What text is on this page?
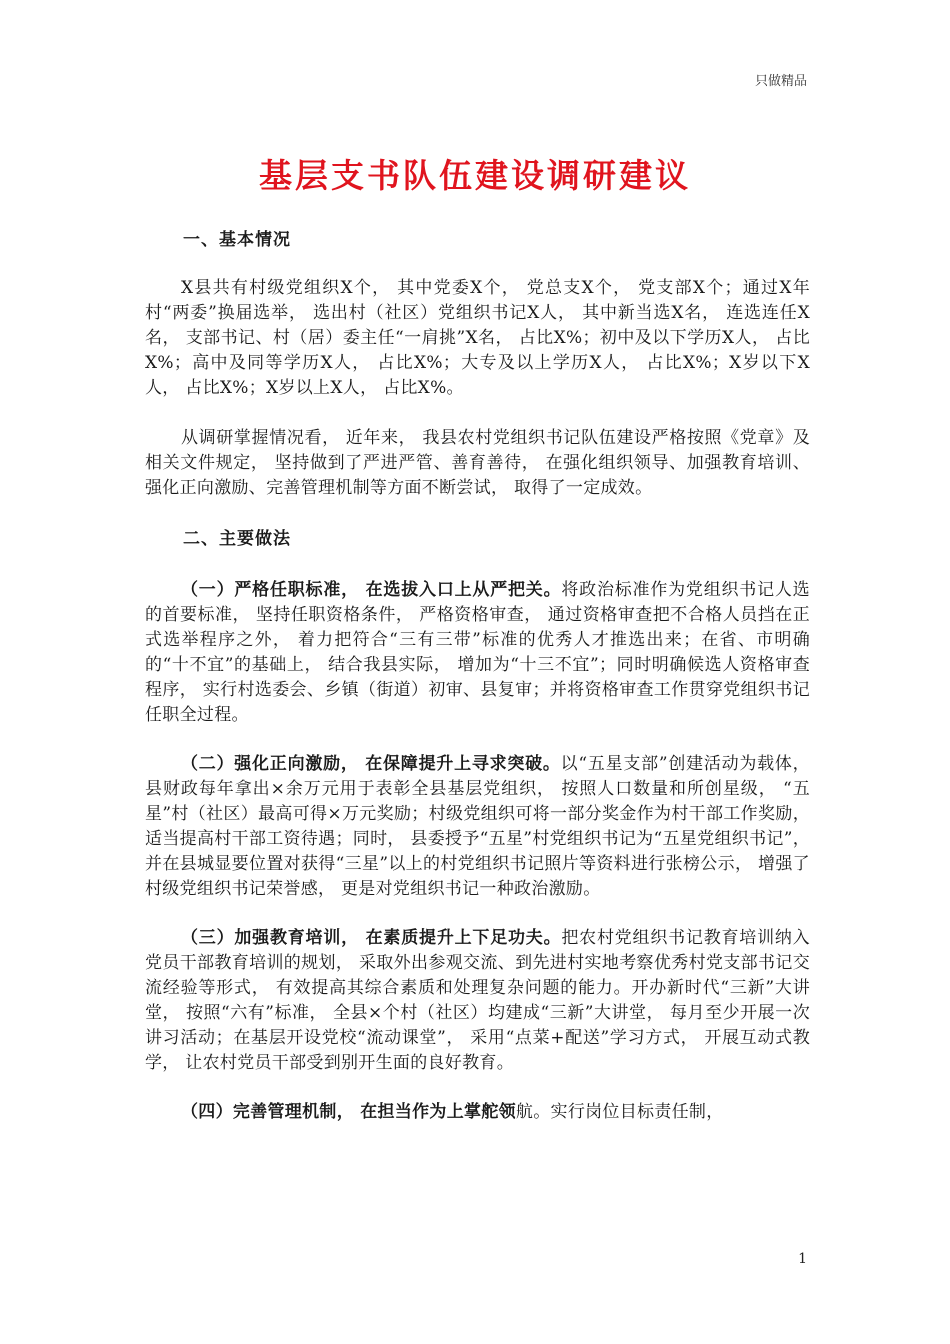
只做精品
基层支书队伍建设调研建议

一、基本情况

X县共有村级党组织X个， 其中党委X个， 党总支X个， 党支部X个；通过X年村“两委”换届选举， 选出村（社区）党组织书记X人， 其中新当选X名， 连选连任X名， 支部书记、村（居）委主任“一肩挑”X名， 占比X%；初中及以下学历X人， 占比X%；高中及同等学历X人， 占比X%；大专及以上学历X人， 占比X%；X岁以下X人， 占比X%；X岁以上X人， 占比X%。

从调研掌握情况看， 近年来， 我县农村党组织书记队伍建设严格按照《党章》及相关文件规定， 坚持做到了严进严管、善育善待， 在强化组织领导、加强教育培训、强化正向激励、完善管理机制等方面不断尝试， 取得了一定成效。

二、主要做法

（一）严格任职标准， 在选拔入口上从严把关。将政治标准作为党组织书记人选的首要标准， 坚持任职资格条件， 严格资格审查， 通过资格审查把不合格人员挡在正式选举程序之外， 着力把符合“三有三带”标准的优秀人才推选出来；在省、市明确的“十不宜”的基础上， 结合我县实际， 增加为“十三不宜”；同时明确候选人资格审查程序， 实行村选委会、乡镇（街道）初审、县复审；并将资格审查工作贯穿党组织书记任职全过程。

（二）强化正向激励， 在保障提升上寻求突破。以“五星支部”创建活动为载体， 县财政每年拿出×余万元用于表彰全县基层党组织， 按照人口数量和所创星级， “五星”村（社区）最高可得×万元奖励；村级党组织可将一部分奖金作为村干部工作奖励， 适当提高村干部工资待遇；同时， 县委授予“五星”村党组织书记为“五星党组织书记”， 并在县城显要位置对获得“三星”以上的村党组织书记照片等资料进行张榜公示， 增强了村级党组织书记荣誉感， 更是对党组织书记一种政治激励。

（三）加强教育培训， 在素质提升上下足功夫。把农村党组织书记教育培训纳入党员干部教育培训的规划， 采取外出参观交流、到先进村实地考察优秀村党支部书记交流经验等形式， 有效提高其综合素质和处理复杂问题的能力。开办新时代“三新”大讲堂， 按照“六有”标准， 全县×个村（社区）均建成“三新”大讲堂， 每月至少开展一次讲习活动；在基层开设党校“流动课堂”， 采用“点菜+配送”学习方式， 开展互动式教学， 让农村党员干部受到别开生面的良好教育。

（四）完善管理机制， 在担当作为上掌舵领航。实行岗位目标责任制，

1
